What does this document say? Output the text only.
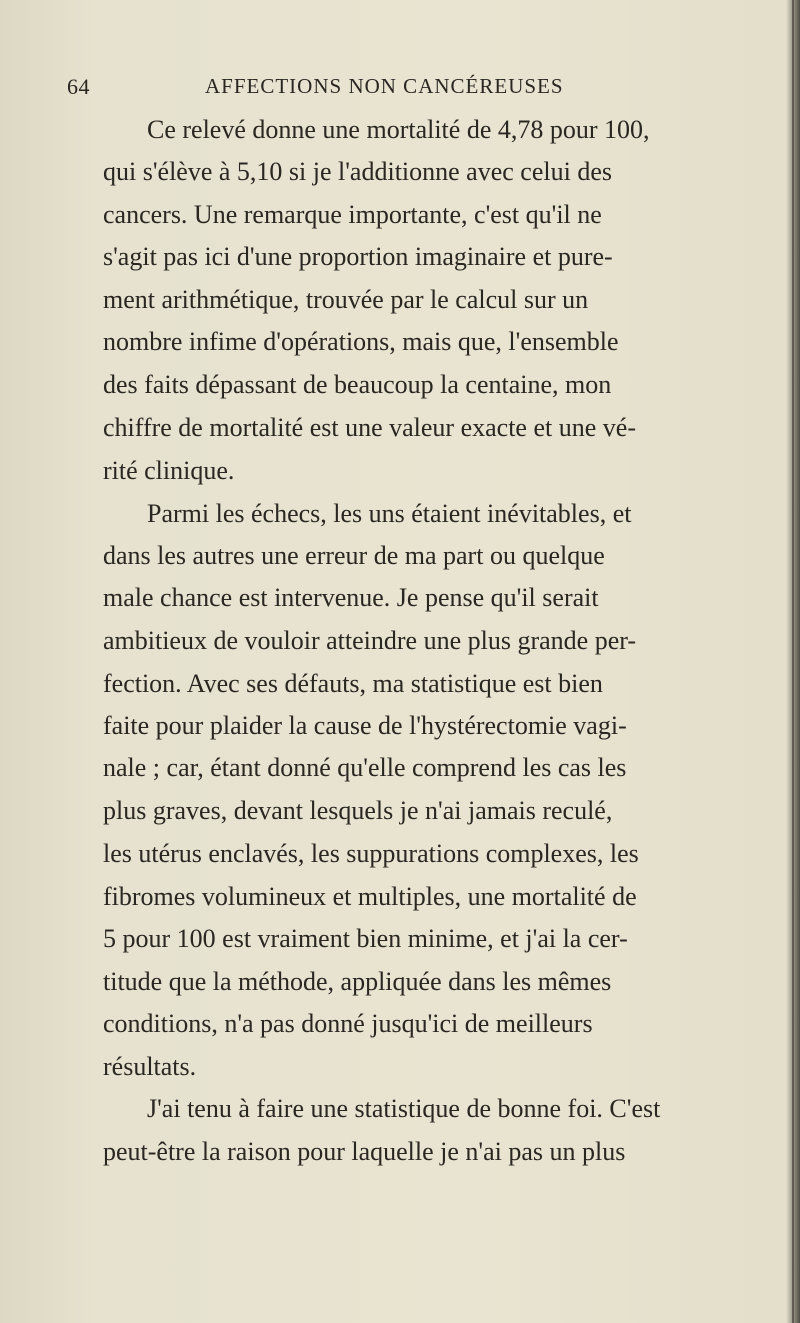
64	AFFECTIONS NON CANCÉREUSES
Ce relevé donne une mortalité de 4,78 pour 100,
qui s'élève à 5,10 si je l'additionne avec celui des
cancers. Une remarque importante, c'est qu'il ne
s'agit pas ici d'une proportion imaginaire et pure-
ment arithmétique, trouvée par le calcul sur un
nombre infime d'opérations, mais que, l'ensemble
des faits dépassant de beaucoup la centaine, mon
chiffre de mortalité est une valeur exacte et une vé-
rité clinique.
Parmi les échecs, les uns étaient inévitables, et
dans les autres une erreur de ma part ou quelque
male chance est intervenue. Je pense qu'il serait
ambitieux de vouloir atteindre une plus grande per-
fection. Avec ses défauts, ma statistique est bien
faite pour plaider la cause de l'hystérectomie vagi-
nale ; car, étant donné qu'elle comprend les cas les
plus graves, devant lesquels je n'ai jamais reculé,
les utérus enclavés, les suppurations complexes, les
fibromes volumineux et multiples, une mortalité de
5 pour 100 est vraiment bien minime, et j'ai la cer-
titude que la méthode, appliquée dans les mêmes
conditions, n'a pas donné jusqu'ici de meilleurs
résultats.
J'ai tenu à faire une statistique de bonne foi. C'est
peut-être la raison pour laquelle je n'ai pas un plus
